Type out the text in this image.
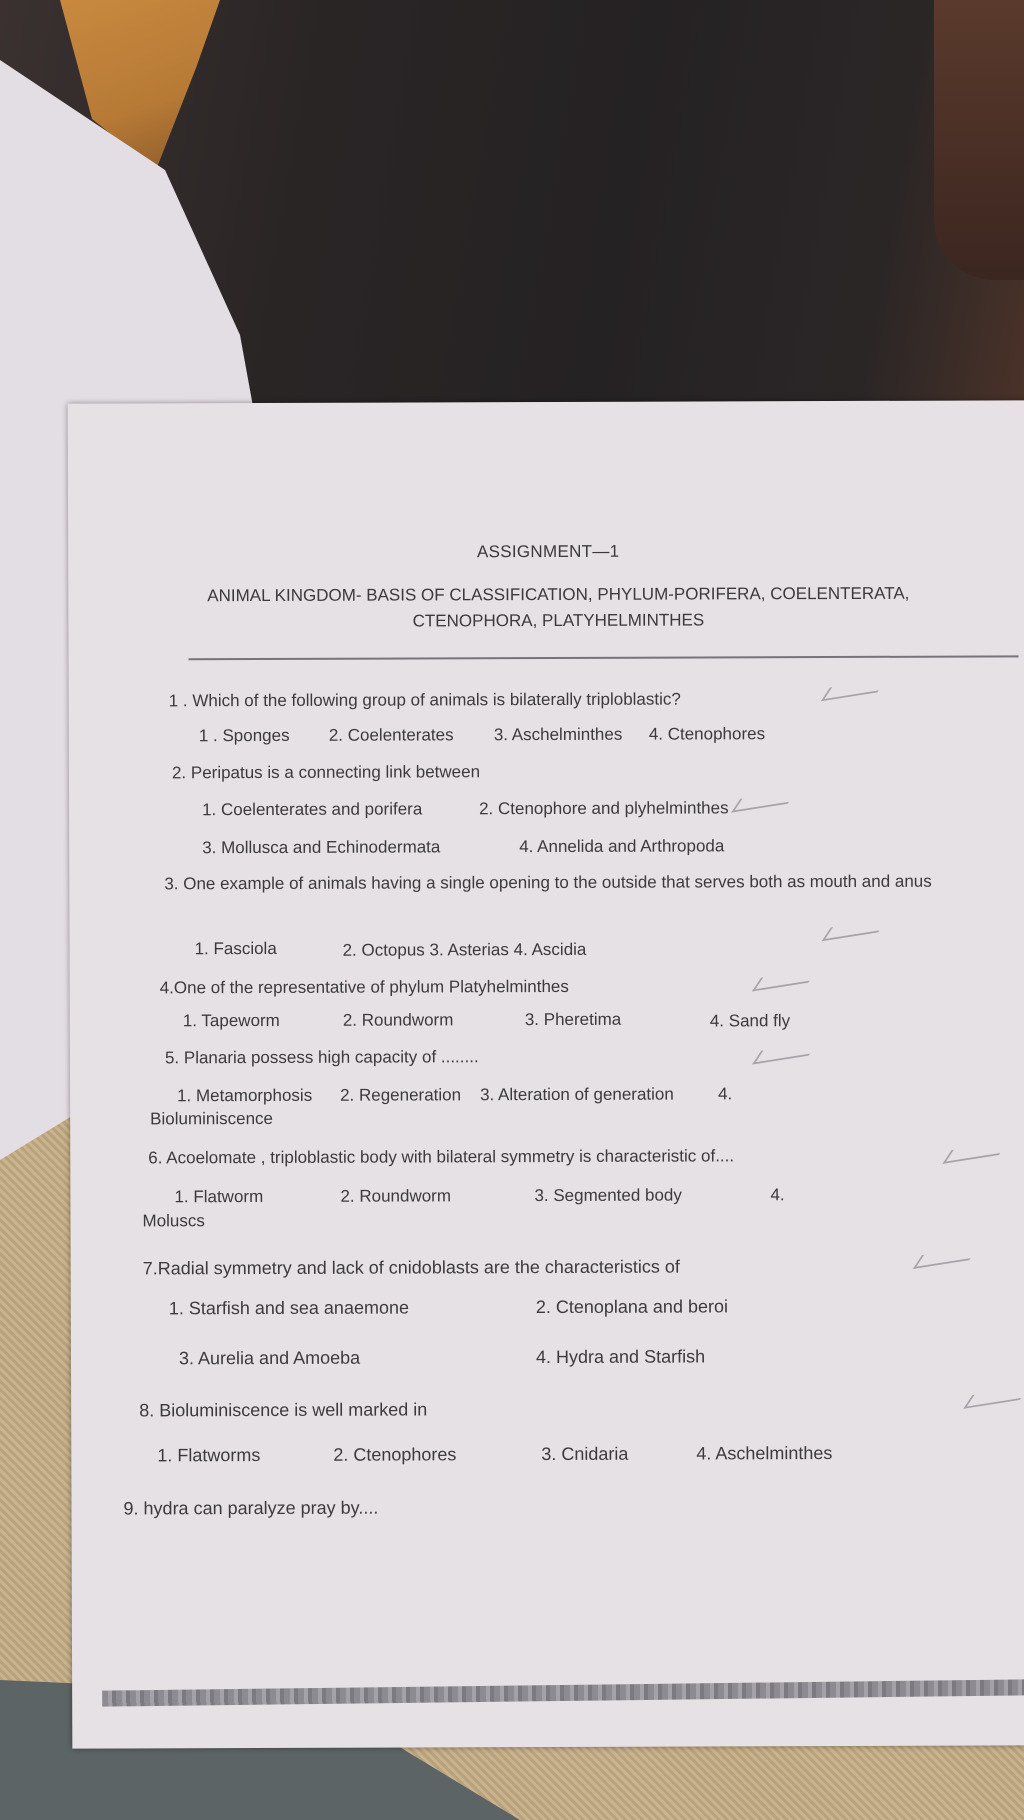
ASSIGNMENT—1
ANIMAL KINGDOM- BASIS OF CLASSIFICATION, PHYLUM-PORIFERA, COELENTERATA, CTENOPHORA, PLATYHELMINTHES
1 . Which of the following group of animals is bilaterally triploblastic?
1 . Sponges 2. Coelenterates 3. Aschelminthes 4. Ctenophores
2. Peripatus is a connecting link between
1. Coelenterates and porifera	2. Ctenophore and plyhelminthes
3. Mollusca and Echinodermata	4. Annelida and Arthropoda
3. One example of animals having a single opening to the outside that serves both as mouth and anus
1. Fasciola	2. Octopus 3. Asterias 4. Ascidia
4.One of the representative of phylum Platyhelminthes
1. Tapeworm	2. Roundworm	3. Pheretima	4. Sand fly
5. Planaria possess high capacity of ........
1. Metamorphosis 2. Regeneration 3. Alteration of generation	4.
Bioluminiscence
6. Acoelomate , triploblastic body with bilateral symmetry is characteristic of....
1. Flatworm	2. Roundworm	3. Segmented body	4.
Moluscs
7.Radial symmetry and lack of cnidoblasts are the characteristics of
1. Starfish and sea anaemone	2. Ctenoplana and beroi
3. Aurelia and Amoeba	4. Hydra and Starfish
8. Bioluminiscence is well marked in
1. Flatworms	2. Ctenophores	3. Cnidaria	4. Aschelminthes
9. hydra can paralyze pray by....
